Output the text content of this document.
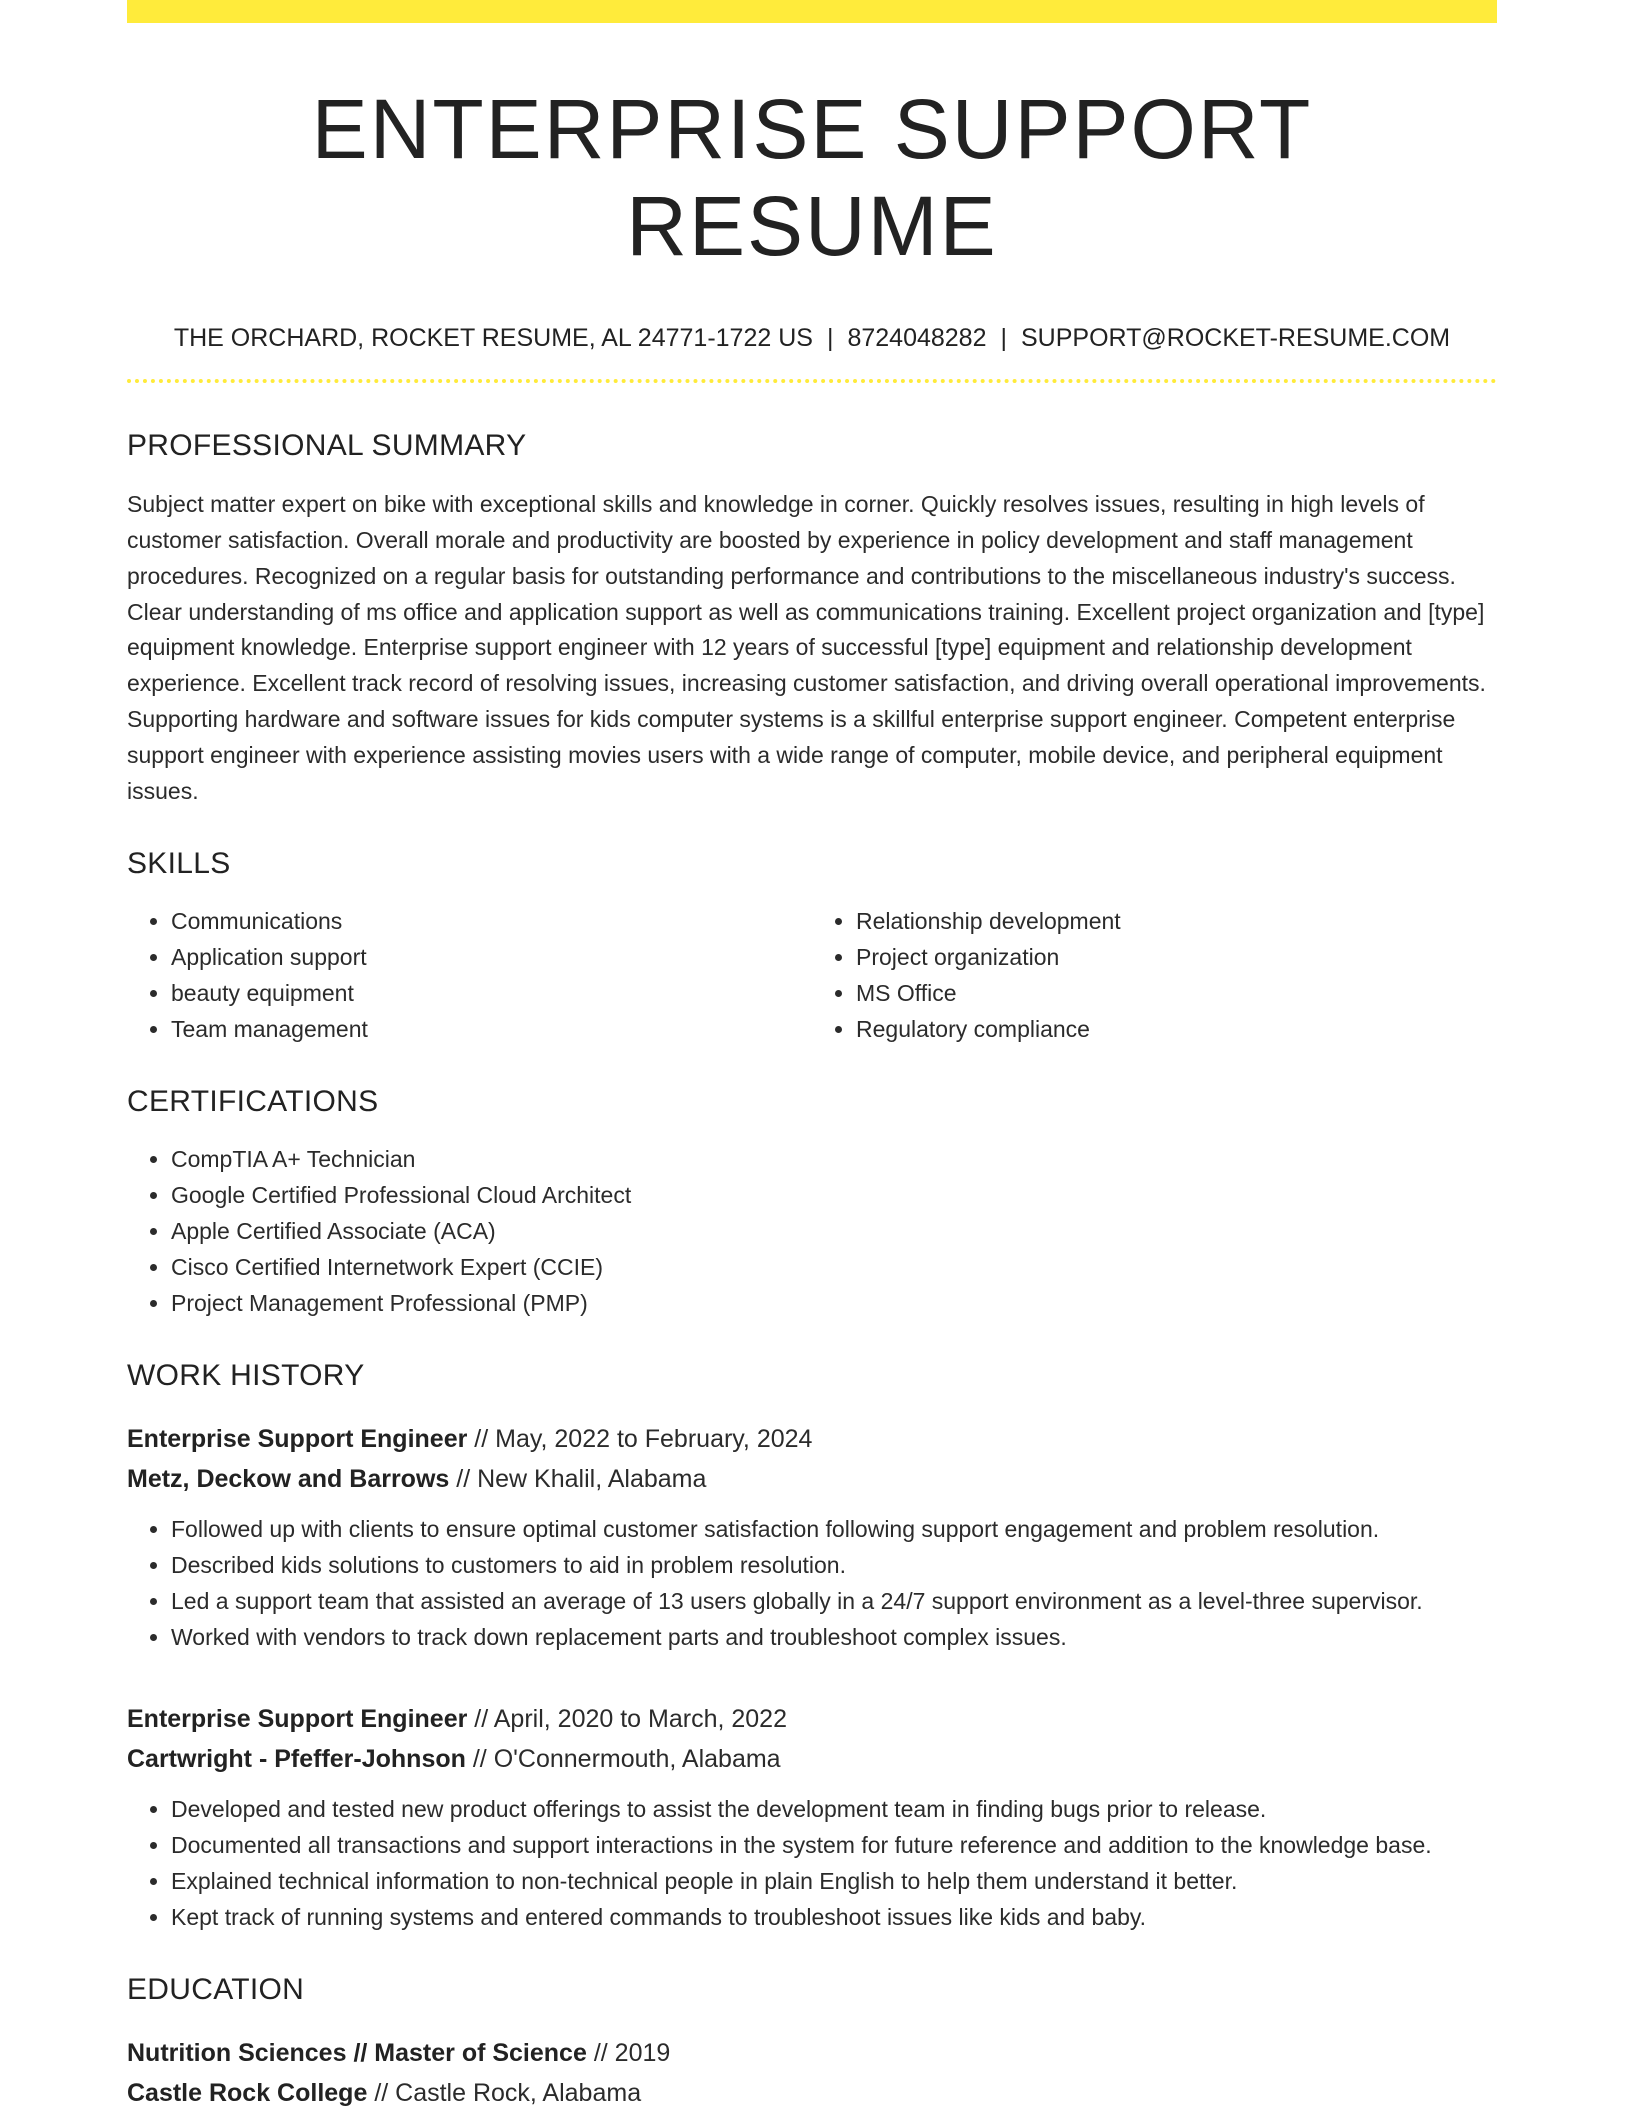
ENTERPRISE SUPPORT RESUME
THE ORCHARD, ROCKET RESUME, AL 24771-1722 US | 8724048282 | SUPPORT@ROCKET-RESUME.COM
PROFESSIONAL SUMMARY

Subject matter expert on bike with exceptional skills and knowledge in corner. Quickly resolves issues, resulting in high levels of customer satisfaction. Overall morale and productivity are boosted by experience in policy development and staff management procedures. Recognized on a regular basis for outstanding performance and contributions to the miscellaneous industry's success. Clear understanding of ms office and application support as well as communications training. Excellent project organization and [type] equipment knowledge. Enterprise support engineer with 12 years of successful [type] equipment and relationship development experience. Excellent track record of resolving issues, increasing customer satisfaction, and driving overall operational improvements. Supporting hardware and software issues for kids computer systems is a skillful enterprise support engineer. Competent enterprise support engineer with experience assisting movies users with a wide range of computer, mobile device, and peripheral equipment issues.

SKILLS
• Communications
• Application support
• beauty equipment
• Team management
• Relationship development
• Project organization
• MS Office
• Regulatory compliance
CERTIFICATIONS
• CompTIA A+ Technician
• Google Certified Professional Cloud Architect
• Apple Certified Associate (ACA)
• Cisco Certified Internetwork Expert (CCIE)
• Project Management Professional (PMP)
WORK HISTORY
Enterprise Support Engineer // May, 2022 to February, 2024
Metz, Deckow and Barrows // New Khalil, Alabama
• Followed up with clients to ensure optimal customer satisfaction following support engagement and problem resolution.
• Described kids solutions to customers to aid in problem resolution.
• Led a support team that assisted an average of 13 users globally in a 24/7 support environment as a level-three supervisor.
• Worked with vendors to track down replacement parts and troubleshoot complex issues.
Enterprise Support Engineer // April, 2020 to March, 2022
Cartwright - Pfeffer-Johnson // O'Connermouth, Alabama
• Developed and tested new product offerings to assist the development team in finding bugs prior to release.
• Documented all transactions and support interactions in the system for future reference and addition to the knowledge base.
• Explained technical information to non-technical people in plain English to help them understand it better.
• Kept track of running systems and entered commands to troubleshoot issues like kids and baby.
EDUCATION
Nutrition Sciences // Master of Science // 2019
Castle Rock College // Castle Rock, Alabama
